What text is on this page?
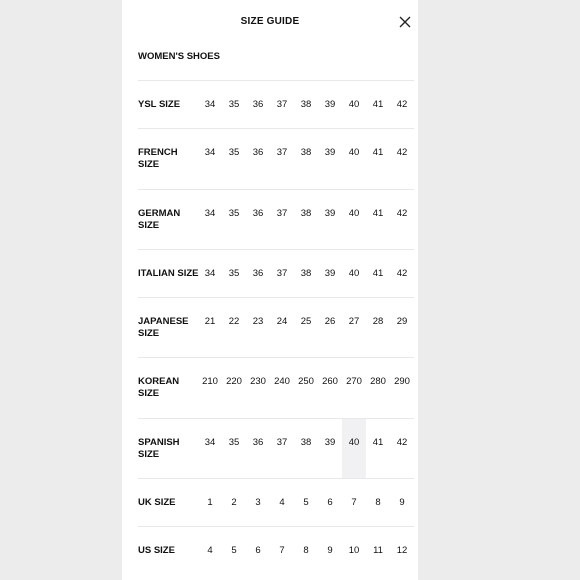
SIZE GUIDE
WOMEN'S SHOES
YSL SIZE	34	35	36	37	38	39	40	41	42
FRENCH SIZE
34	35	36	37	38	39	40	41	42
GERMAN SIZE
34	35	36	37	38	39	40	41	42
ITALIAN SIZE 34	35	36	37	38	39	40	41	42
JAPANESE SIZE
21	22	23	24	25	26	27	28	29
KOREAN SIZE
210 220 230 240 250 260 270 280 290
SPANISH SIZE
34	35	36	37	38	39	40	41	42
UK SIZE	1	2	3	4	5	6	7	8	9
US SIZE	4	5	6	7	8	9	10	11	12
